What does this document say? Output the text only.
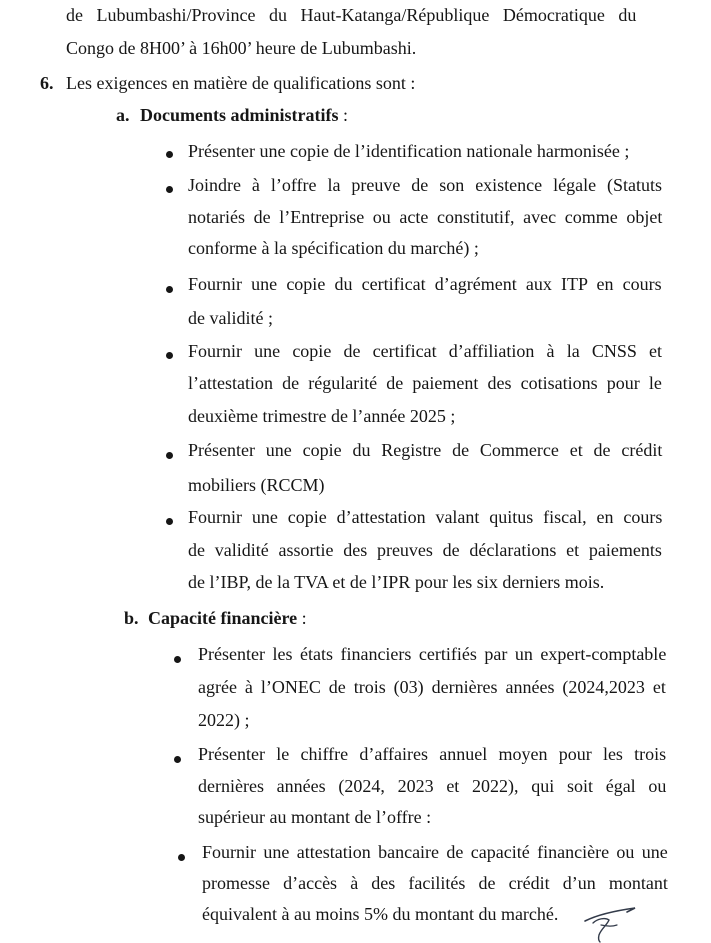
de Lubumbashi/Province du Haut-Katanga/République Démocratique du
Congo de 8H00’ à 16h00’ heure de Lubumbashi.
6. Les exigences en matière de qualifications sont :
a. Documents administratifs :
Présenter une copie de l’identification nationale harmonisée ;
Joindre à l’offre la preuve de son existence légale (Statuts
notariés de l’Entreprise ou acte constitutif, avec comme objet
conforme à la spécification du marché) ;
Fournir une copie du certificat d’agrément aux ITP en cours
de validité ;
Fournir une copie de certificat d’affiliation à la CNSS et
l’attestation de régularité de paiement des cotisations pour le
deuxième trimestre de l’année 2025 ;
Présenter une copie du Registre de Commerce et de crédit
mobiliers (RCCM)
Fournir une copie d’attestation valant quitus fiscal, en cours
de validité assortie des preuves de déclarations et paiements
de l’IBP, de la TVA et de l’IPR pour les six derniers mois.
b. Capacité financière :
Présenter les états financiers certifiés par un expert-comptable
agrée à l’ONEC de trois (03) dernières années (2024,2023 et
2022) ;
Présenter le chiffre d’affaires annuel moyen pour les trois
dernières années (2024, 2023 et 2022), qui soit égal ou
supérieur au montant de l’offre :
Fournir une attestation bancaire de capacité financière ou une
promesse d’accès à des facilités de crédit d’un montant
équivalent à au moins 5% du montant du marché.
